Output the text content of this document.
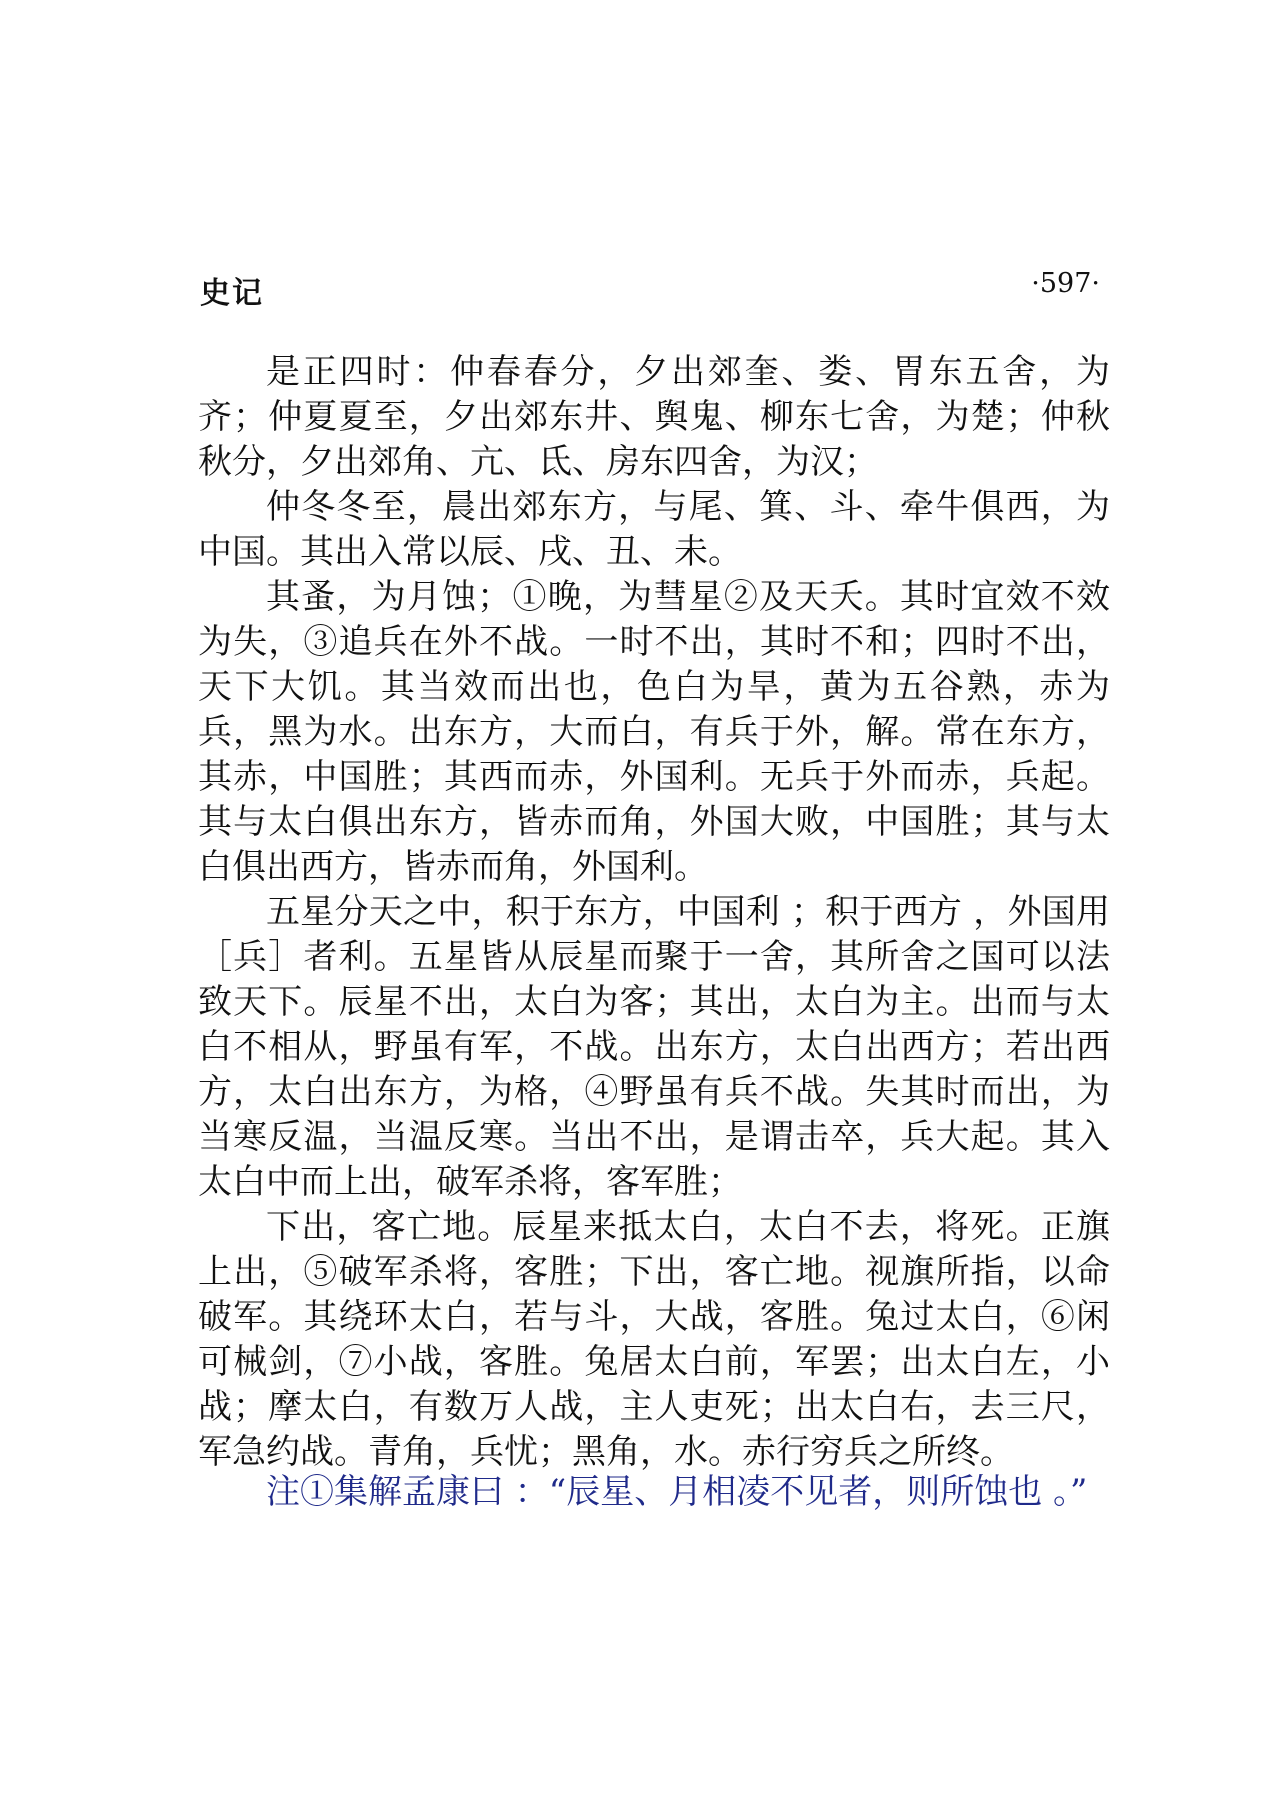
史记	·597·

是正四时：仲春春分，夕出郊奎、娄、胃东五舍，为齐；仲夏夏至，夕出郊东井、舆鬼、柳东七舍，为楚；仲秋秋分，夕出郊角、亢、氐、房东四舍，为汉；

仲冬冬至，晨出郊东方，与尾、箕、斗、牵牛俱西，为中国。其出入常以辰、戌、丑、未。

其蚤，为月蚀；①晚，为彗星②及天夭。其时宜效不效为失，③追兵在外不战。一时不出，其时不和；四时不出，天下大饥。其当效而出也，色白为旱，黄为五谷熟，赤为兵，黑为水。出东方，大而白，有兵于外，解。常在东方，其赤，中国胜；其西而赤，外国利。无兵于外而赤，兵起。其与太白俱出东方，皆赤而角，外国大败，中国胜；其与太白俱出西方，皆赤而角，外国利。

五星分天之中，积于东方，中国利 ；积于西方 ，外国用［兵］者利。五星皆从辰星而聚于一舍，其所舍之国可以法致天下。辰星不出，太白为客；其出，太白为主。出而与太白不相从，野虽有军，不战。出东方，太白出西方；若出西方，太白出东方，为格，④野虽有兵不战。失其时而出，为当寒反温，当温反寒。当出不出，是谓击卒，兵大起。其入太白中而上出，破军杀将，客军胜；

下出，客亡地。辰星来抵太白，太白不去，将死。正旗上出，⑤破军杀将，客胜；下出，客亡地。视旗所指，以命破军。其绕环太白，若与斗，大战，客胜。兔过太白，⑥闲可械剑，⑦小战，客胜。兔居太白前，军罢；出太白左，小战；摩太白，有数万人战，主人吏死；出太白右，去三尺，军急约战。青角，兵忧；黑角，水。赤行穷兵之所终。

注①集解孟康曰 ：“辰星、月相凌不见者，则所蚀也 。”
